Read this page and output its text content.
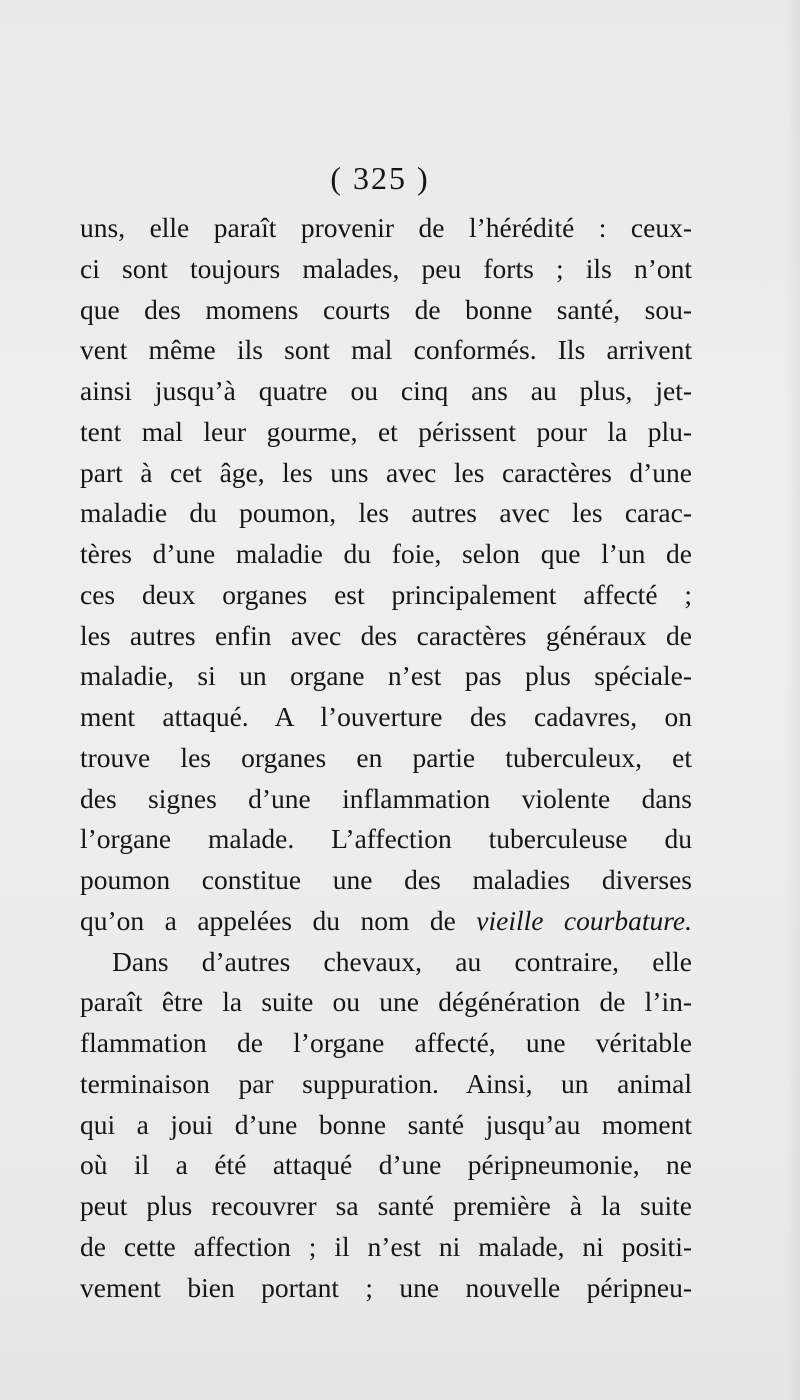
( 325 )
uns, elle paraît provenir de l’hérédité : ceux-
ci sont toujours malades, peu forts ; ils n’ont
que des momens courts de bonne santé, sou-
vent même ils sont mal conformés. Ils arrivent
ainsi jusqu’à quatre ou cinq ans au plus, jet-
tent mal leur gourme, et périssent pour la plu-
part à cet âge, les uns avec les caractères d’une
maladie du poumon, les autres avec les carac-
tères d’une maladie du foie, selon que l’un de
ces deux organes est principalement affecté ;
les autres enfin avec des caractères généraux de
maladie, si un organe n’est pas plus spéciale-
ment attaqué. A l’ouverture des cadavres, on
trouve les organes en partie tuberculeux, et
des signes d’une inflammation violente dans
l’organe malade. L’affection tuberculeuse du
poumon constitue une des maladies diverses
qu’on a appelées du nom de vieille courbature.
Dans d’autres chevaux, au contraire, elle
paraît être la suite ou une dégénération de l’in-
flammation de l’organe affecté, une véritable
terminaison par suppuration. Ainsi, un animal
qui a joui d’une bonne santé jusqu’au moment
où il a été attaqué d’une péripneumonie, ne
peut plus recouvrer sa santé première à la suite
de cette affection ; il n’est ni malade, ni positi-
vement bien portant ; une nouvelle péripneu-
